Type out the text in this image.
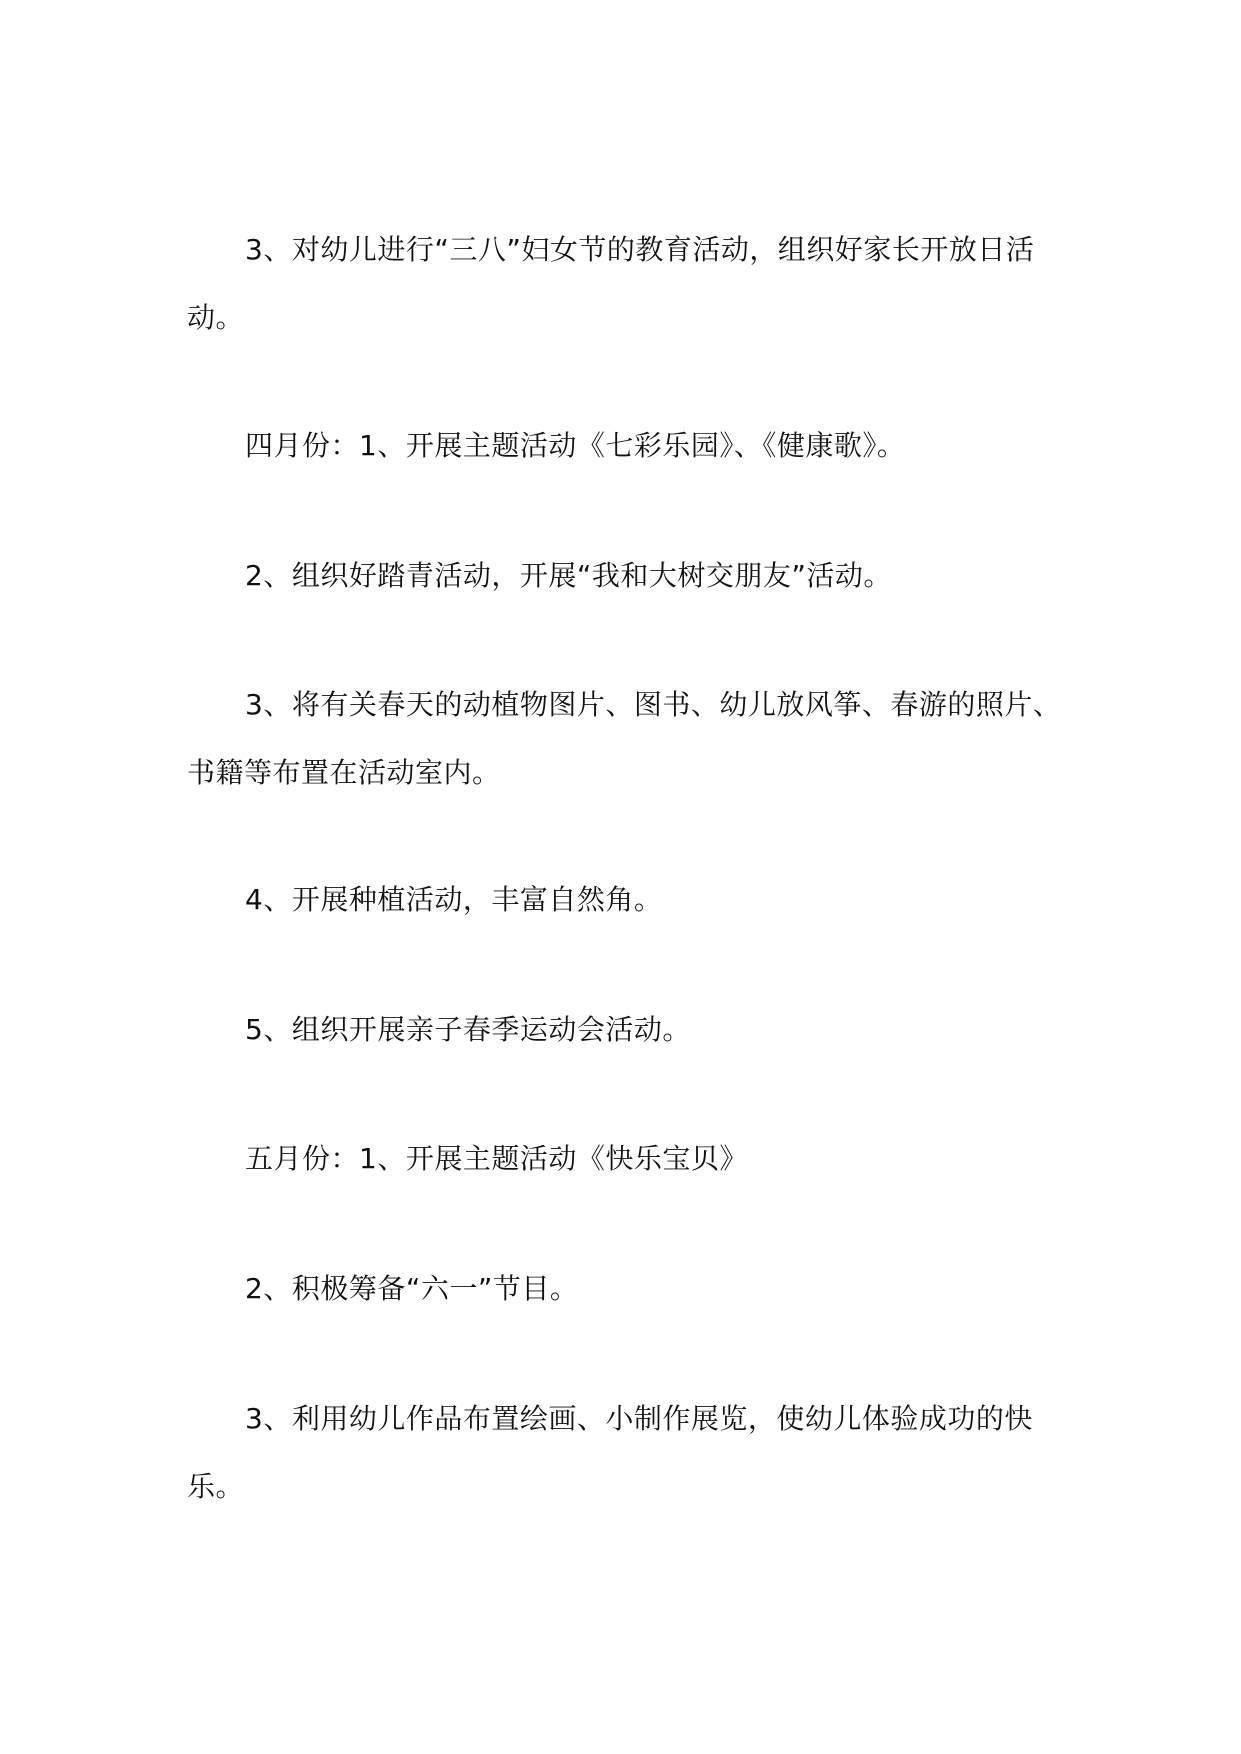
3、对幼儿进行“三八”妇女节的教育活动，组织好家长开放日活动。

四月份：1、开展主题活动《七彩乐园》、《健康歌》。

2、组织好踏青活动，开展“我和大树交朋友”活动。

3、将有关春天的动植物图片、图书、幼儿放风筝、春游的照片、书籍等布置在活动室内。

4、开展种植活动，丰富自然角。

5、组织开展亲子春季运动会活动。

五月份：1、开展主题活动《快乐宝贝》

2、积极筹备“六一”节目。

3、利用幼儿作品布置绘画、小制作展览，使幼儿体验成功的快乐。
